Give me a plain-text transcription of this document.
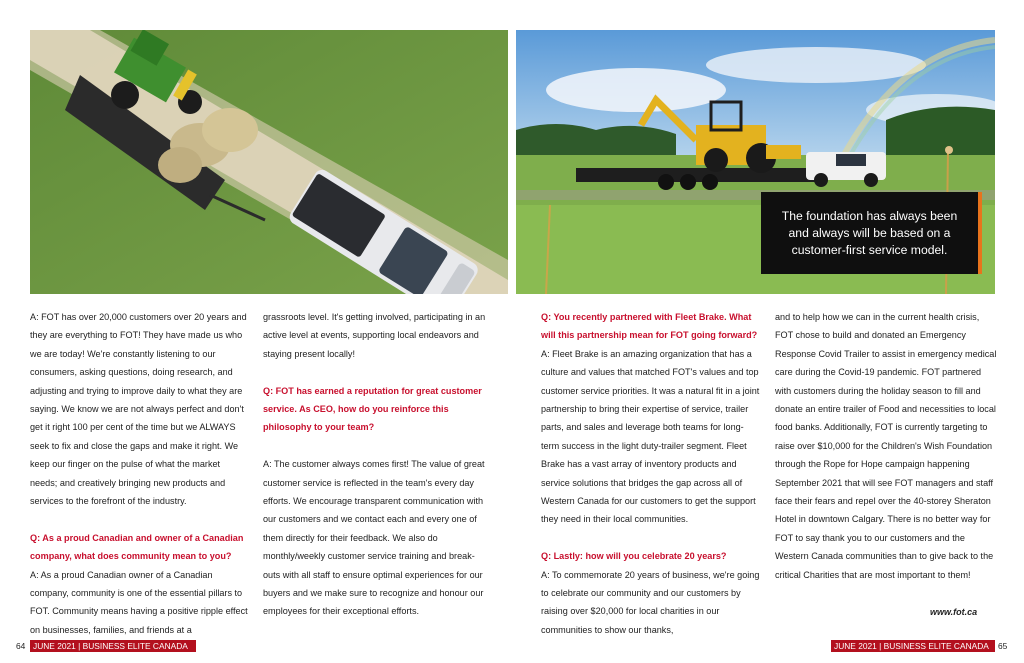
The foundation has always been and always will be based on a customer-first service model.

A: FOT has over 20,000 customers over 20 years and they are everything to FOT! They have made us who we are today! We're constantly listening to our consumers, asking questions, doing research, and adjusting and trying to improve daily to what they are saying. We know we are not always perfect and don't get it right 100 per cent of the time but we ALWAYS seek to fix and close the gaps and make it right. We keep our finger on the pulse of what the market needs; and creatively bringing new products and services to the forefront of the industry.

Q: As a proud Canadian and owner of a Canadian company, what does community mean to you?

A: As a proud Canadian owner of a Canadian company, community is one of the essential pillars to FOT. Community means having a positive ripple effect on businesses, families, and friends at a

grassroots level. It's getting involved, participating in an active level at events, supporting local endeavors and staying present locally!

Q: FOT has earned a reputation for great customer service. As CEO, how do you reinforce this philosophy to your team?

A: The customer always comes first! The value of great customer service is reflected in the team's every day efforts. We encourage transparent communication with our customers and we contact each and every one of them directly for their feedback. We also do monthly/weekly customer service training and break-outs with all staff to ensure optimal experiences for our buyers and we make sure to recognize and honour our employees for their exceptional efforts.

Q: You recently partnered with Fleet Brake. What will this partnership mean for FOT going forward?

A: Fleet Brake is an amazing organization that has a culture and values that matched FOT's values and top customer service priorities. It was a natural fit in a joint partnership to bring their expertise of service, trailer parts, and sales and leverage both teams for long-term success in the light duty-trailer segment. Fleet Brake has a vast array of inventory products and service solutions that bridges the gap across all of Western Canada for our customers to get the support they need in their local communities.

Q: Lastly: how will you celebrate 20 years?

A: To commemorate 20 years of business, we're going to celebrate our community and our customers by raising over $20,000 for local charities in our communities to show our thanks,

and to help how we can in the current health crisis, FOT chose to build and donated an Emergency Response Covid Trailer to assist in emergency medical care during the Covid-19 pandemic. FOT partnered with customers during the holiday season to fill and donate an entire trailer of Food and necessities to local food banks. Additionally, FOT is currently targeting to raise over $10,000 for the Children's Wish Foundation through the Rope for Hope campaign happening September 2021 that will see FOT managers and staff face their fears and repel over the 40-storey Sheraton Hotel in downtown Calgary. There is no better way for FOT to say thank you to our customers and the Western Canada communities than to give back to the critical Charities that are most important to them!

www.fot.ca
64 JUNE 2021 | BUSINESS ELITE CANADA	JUNE 2021 | BUSINESS ELITE CANADA	65
